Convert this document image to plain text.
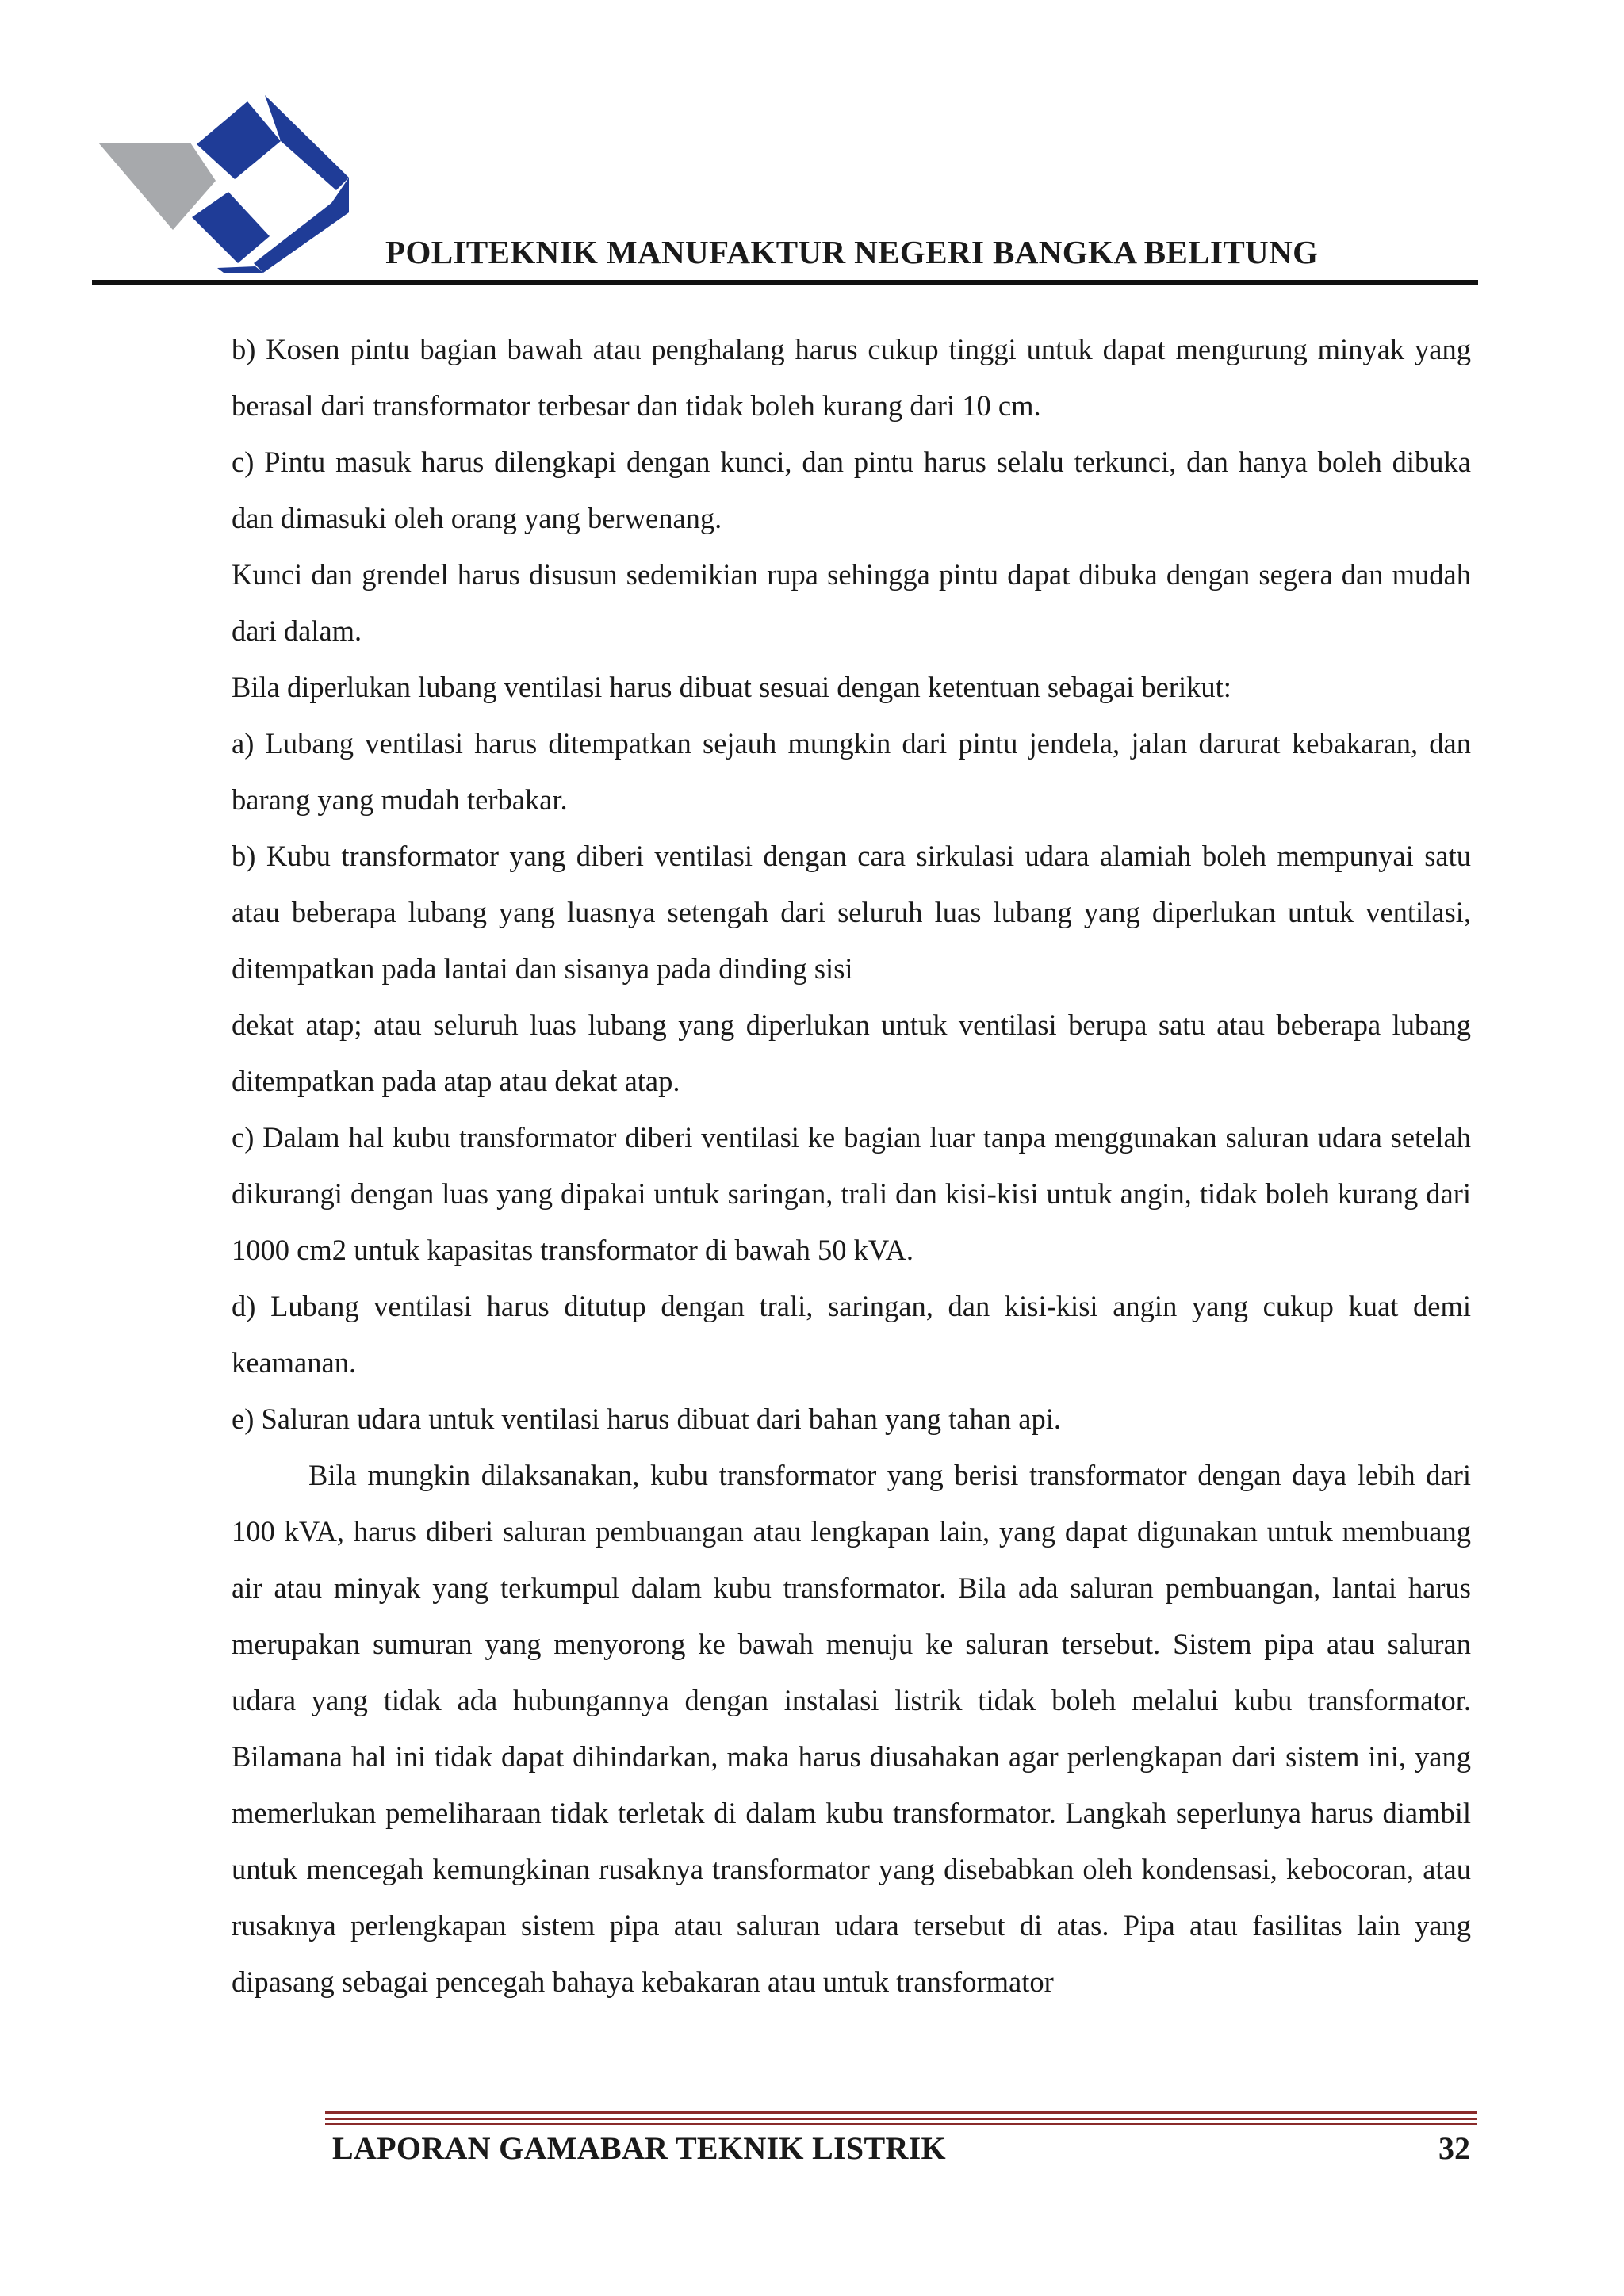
POLITEKNIK MANUFAKTUR NEGERI BANGKA BELITUNG

b) Kosen pintu bagian bawah atau penghalang harus cukup tinggi untuk dapat mengurung minyak yang berasal dari transformator terbesar dan tidak boleh kurang dari 10 cm.

c) Pintu masuk harus dilengkapi dengan kunci, dan pintu harus selalu terkunci, dan hanya boleh dibuka dan dimasuki oleh orang yang berwenang.

Kunci dan grendel harus disusun sedemikian rupa sehingga pintu dapat dibuka dengan segera dan mudah dari dalam.

Bila diperlukan lubang ventilasi harus dibuat sesuai dengan ketentuan sebagai berikut:

a) Lubang ventilasi harus ditempatkan sejauh mungkin dari pintu jendela, jalan darurat kebakaran, dan barang yang mudah terbakar.

b) Kubu transformator yang diberi ventilasi dengan cara sirkulasi udara alamiah boleh mempunyai satu atau beberapa lubang yang luasnya setengah dari seluruh luas lubang yang diperlukan untuk ventilasi, ditempatkan pada lantai dan sisanya pada dinding sisi

dekat atap; atau seluruh luas lubang yang diperlukan untuk ventilasi berupa satu atau beberapa lubang ditempatkan pada atap atau dekat atap.

c) Dalam hal kubu transformator diberi ventilasi ke bagian luar tanpa menggunakan saluran udara setelah dikurangi dengan luas yang dipakai untuk saringan, trali dan kisi-kisi untuk angin, tidak boleh kurang dari 1000 cm2 untuk kapasitas transformator di bawah 50 kVA.

d) Lubang ventilasi harus ditutup dengan trali, saringan, dan kisi-kisi angin yang cukup kuat demi keamanan.

e) Saluran udara untuk ventilasi harus dibuat dari bahan yang tahan api.

Bila mungkin dilaksanakan, kubu transformator yang berisi transformator dengan daya lebih dari 100 kVA, harus diberi saluran pembuangan atau lengkapan lain, yang dapat digunakan untuk membuang air atau minyak yang terkumpul dalam kubu transformator. Bila ada saluran pembuangan, lantai harus merupakan sumuran yang menyorong ke bawah menuju ke saluran tersebut. Sistem pipa atau saluran udara yang tidak ada hubungannya dengan instalasi listrik tidak boleh melalui kubu transformator. Bilamana hal ini tidak dapat dihindarkan, maka harus diusahakan agar perlengkapan dari sistem ini, yang memerlukan pemeliharaan tidak terletak di dalam kubu transformator. Langkah seperlunya harus diambil untuk mencegah kemungkinan rusaknya transformator yang disebabkan oleh kondensasi, kebocoran, atau rusaknya perlengkapan sistem pipa atau saluran udara tersebut di atas. Pipa atau fasilitas lain yang dipasang sebagai pencegah bahaya kebakaran atau untuk transformator

LAPORAN GAMABAR TEKNIK LISTRIK	32
